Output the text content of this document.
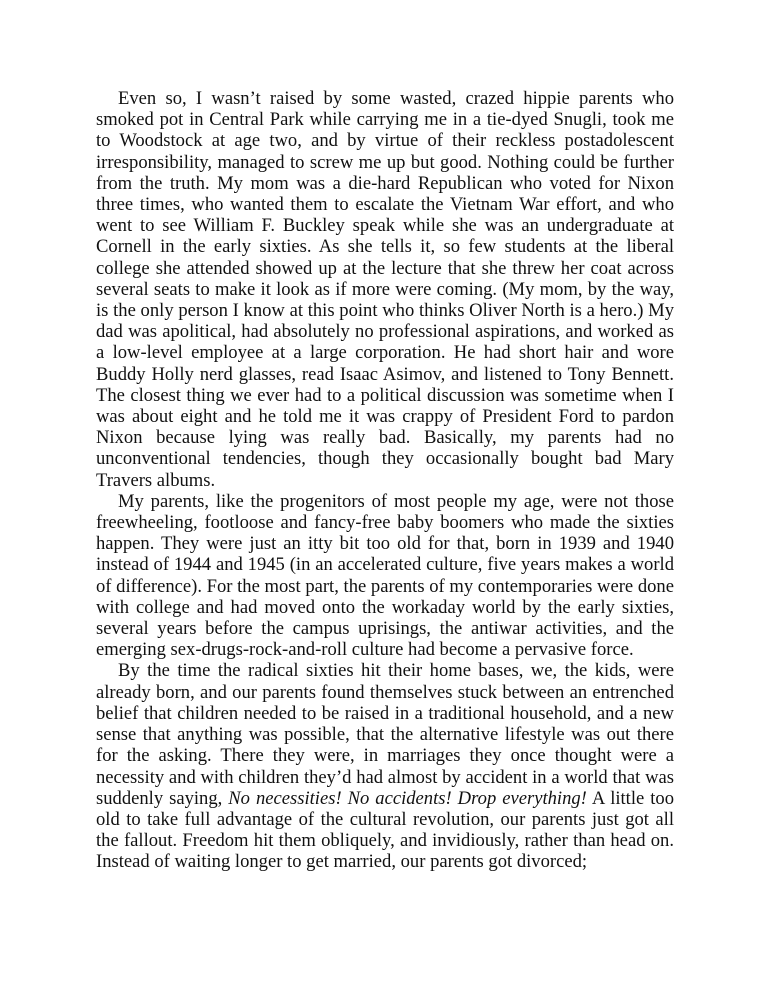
Even so, I wasn’t raised by some wasted, crazed hippie parents who smoked pot in Central Park while carrying me in a tie-dyed Snugli, took me to Woodstock at age two, and by virtue of their reckless postadolescent irresponsibility, managed to screw me up but good. Nothing could be further from the truth. My mom was a die-hard Republican who voted for Nixon three times, who wanted them to escalate the Vietnam War effort, and who went to see William F. Buckley speak while she was an undergraduate at Cornell in the early sixties. As she tells it, so few students at the liberal college she attended showed up at the lecture that she threw her coat across several seats to make it look as if more were coming. (My mom, by the way, is the only person I know at this point who thinks Oliver North is a hero.) My dad was apolitical, had absolutely no professional aspirations, and worked as a low-level employee at a large corporation. He had short hair and wore Buddy Holly nerd glasses, read Isaac Asimov, and listened to Tony Bennett. The closest thing we ever had to a political discussion was sometime when I was about eight and he told me it was crappy of President Ford to pardon Nixon because lying was really bad. Basically, my parents had no unconventional tendencies, though they occasionally bought bad Mary Travers albums.

My parents, like the progenitors of most people my age, were not those freewheeling, footloose and fancy-free baby boomers who made the sixties happen. They were just an itty bit too old for that, born in 1939 and 1940 instead of 1944 and 1945 (in an accelerated culture, five years makes a world of difference). For the most part, the parents of my contemporaries were done with college and had moved onto the workaday world by the early sixties, several years before the campus uprisings, the antiwar activities, and the emerging sex-drugs-rock-and-roll culture had become a pervasive force.

By the time the radical sixties hit their home bases, we, the kids, were already born, and our parents found themselves stuck between an entrenched belief that children needed to be raised in a traditional household, and a new sense that anything was possible, that the alternative lifestyle was out there for the asking. There they were, in marriages they once thought were a necessity and with children they’d had almost by accident in a world that was suddenly saying, No necessities! No accidents! Drop everything! A little too old to take full advantage of the cultural revolution, our parents just got all the fallout. Freedom hit them obliquely, and invidiously, rather than head on. Instead of waiting longer to get married, our parents got divorced;
